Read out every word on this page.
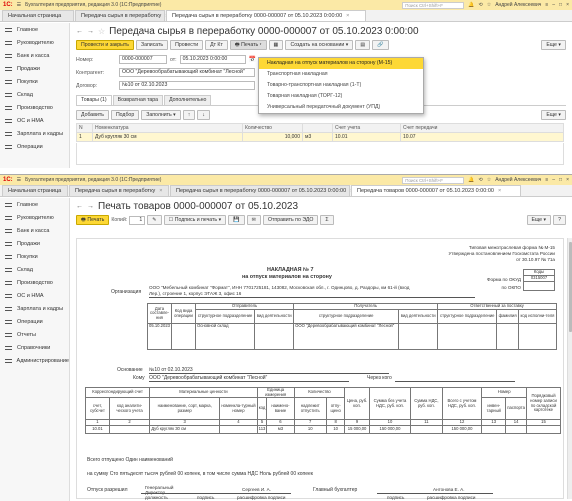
1С: ☰ Бухгалтерия предприятия, редакция 3.0 (1С:Предприятие)	Поиск Ctrl+Shift+F	🔔 ⟲ ☆ Андрей Алексеевич ≡ – □ ×
Начальная страница	Передача сырья в переработку	Передача сырья в переработку 0000-000007 от 05.10.2023 0:00:00 ×
Главное
Руководителю
Банк и касса
Продажи
Покупки
Склад
Производство
ОС и НМА
Зарплата и кадры
Операции
← → ☆ Передача сырья в переработку 0000-000007 от 05.10.2023 0:00:00
Провести и закрыть	Записать	Провести	Дт Кт	🖶 Печать ▾	▦	Создать на основании ▾	▤	🔗	Еще ▾
Номер:	0000-000007	от:	05.10.2023 0:00:00	📅
Контрагент:	ООО "Деревообрабатывающий комбинат "Лесной"
Договор:	№10 от 02.10.2023
Товары (1)	Возвратная тара	Дополнительно
Добавить	Подбор	Заполнить ▾	↑	↓	Еще ▾
N	Номенклатура	Количество		Счет учета	Счет передачи
1	Дуб кругляк 30 см	10,000	м3	10.01	10.07
Накладная на отпуск материалов на сторону (М-15)
Транспортная накладная
Товарно-транспортная накладная (1-Т)
Товарная накладная (ТОРГ-12)
Универсальный передаточный документ (УПД)
1С: ☰ Бухгалтерия предприятия, редакция 3.0 (1С:Предприятие)	Поиск Ctrl+Shift+F	🔔 ⟲ ☆ Андрей Алексеевич ≡ – □ ×
Начальная страница	Передача сырья в переработку ×	Передача сырья в переработку 0000-000007 от 05.10.2023 0:00:00	Передача товаров 0000-000007 от 05.10.2023 0:00:00 ×
Главное
Руководителю
Банк и касса
Продажи
Покупки
Склад
Производство
ОС и НМА
Зарплата и кадры
Операции
Отчеты
Справочники
Администрирование
← → Печать товаров 0000-000007 от 05.10.2023
🖶 Печать	Копий:	1	✎	☐ Подпись и печать ▾	💾	✉	Отправить по ЭДО	Σ	Еще ▾	?
Типовая межотраслевая форма № М-15
Утверждена постановлением Госкомстата России
от 30.10.97 № 71а
НАКЛАДНАЯ № 7
на отпуск материалов на сторону
Коды
0315007

Форма по ОКУД
по ОКПО
Организация
ООО "Мебельный комбинат "Формат", ИНН 7701725181, 143082, Московская обл., г. Одинцово, д. Раздоры, км 61-й (вход
Лер.), строение 1, корпус ЭТАЖ 3, офис 16
Дата составле-ния	Код вида операции	Отправитель		Получатель		Ответственный за поставку		
		структурное подразделение	вид деятельности	структурное подразделение	вид деятельности	структурное подразделение	фамилия	код исполни-теля
05.10.2023		Основной склад		ООО "Деревообрабатывающий комбинат "Лесной"				
Основание №10 от 02.10.2023
Кому ООО "Деревообрабатывающий комбинат "Лесной"	Через кого
Корреспондирующий счет		Материальные ценности		Единица измерения		Количество		Цена, руб. коп.	Сумма без учета НДС, руб. коп.	Сумма НДС, руб. коп.	Всего с учетом НДС, руб. коп.	Номер		Порядковый номер записи по складской картотеке
счет, субсчет	код аналити-ческого учета	наименование, сорт, марка, размер	номенкла-турный номер	код	наимено-вание	надлежит отпустить	отпу-щено					инвен-тарный	паспорта	
1	2	3	4	5	6	7	8	9	10	11	12	13	14	15
10.01		Дуб кругляк 30 см		113	м3	10	10	15 000,00	150 000,00		150 000,00			
Всего отпущено Один наименований
на сумму Сто пятьдесят тысяч рублей 00 копеек, в том числе сумма НДС Ноль рублей 00 копеек
Отпуск разрешил	Генеральный Директор
Сергеев И. А.
должность	подпись	расшифровка подписи
Главный бухгалтер	Антонова Е. А.
подпись	расшифровка подписи
